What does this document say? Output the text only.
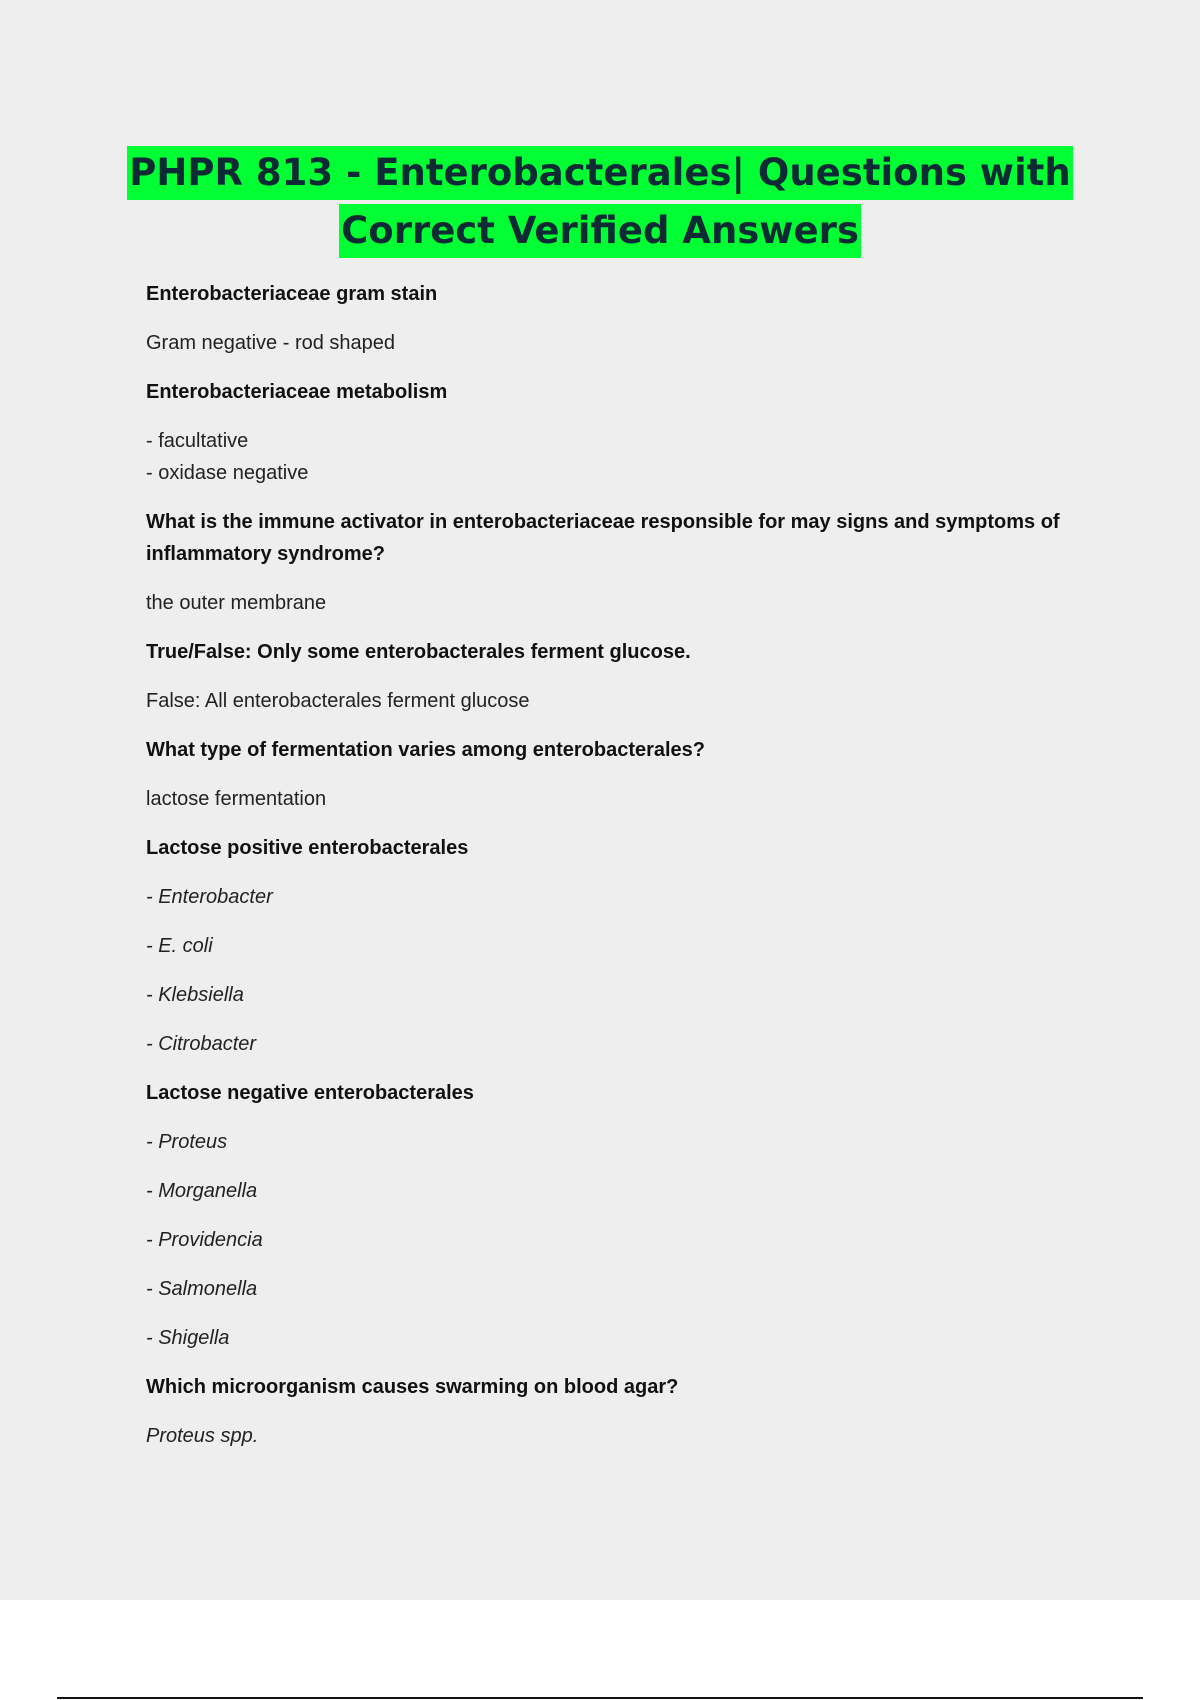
PHPR 813 - Enterobacterales| Questions with
Correct Verified Answers

Enterobacteriaceae gram stain

Gram negative - rod shaped

Enterobacteriaceae metabolism

- facultative

- oxidase negative

What is the immune activator in enterobacteriaceae responsible for may signs and symptoms of inflammatory syndrome?

the outer membrane

True/False: Only some enterobacterales ferment glucose.

False: All enterobacterales ferment glucose

What type of fermentation varies among enterobacterales?

lactose fermentation

Lactose positive enterobacterales

- Enterobacter

- E. coli

- Klebsiella

- Citrobacter

Lactose negative enterobacterales

- Proteus

- Morganella

- Providencia

- Salmonella

- Shigella

Which microorganism causes swarming on blood agar?

Proteus spp.
